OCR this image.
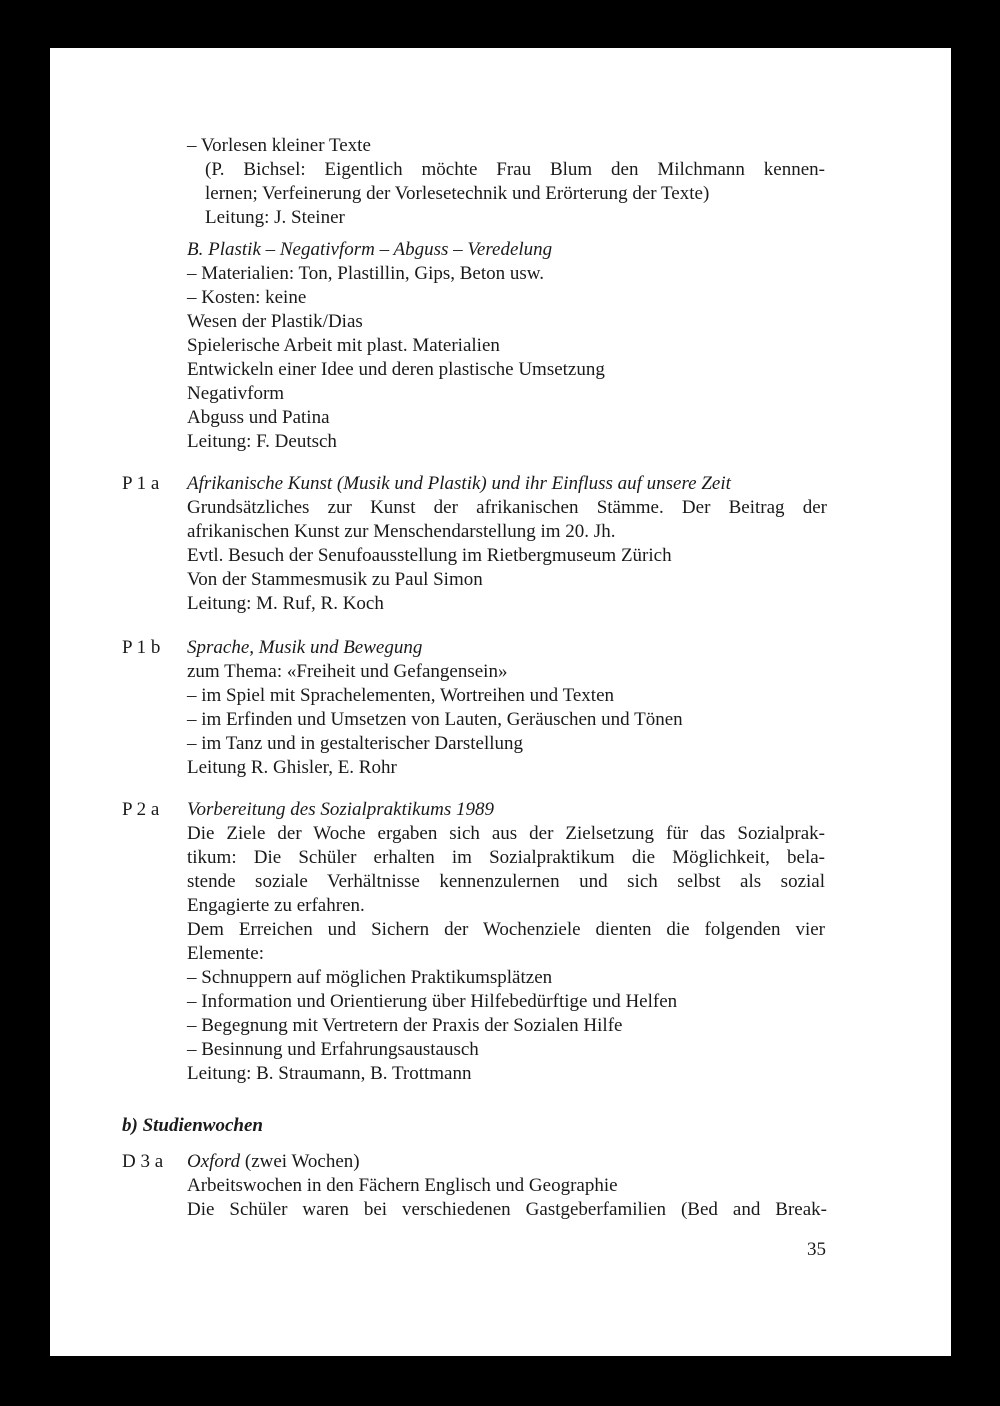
– Vorlesen kleiner Texte
(P. Bichsel: Eigentlich möchte Frau Blum den Milchmann kennen-
lernen; Verfeinerung der Vorlesetechnik und Erörterung der Texte)
Leitung: J. Steiner
B. Plastik – Negativform – Abguss – Veredelung
– Materialien: Ton, Plastillin, Gips, Beton usw.
– Kosten: keine
Wesen der Plastik/Dias
Spielerische Arbeit mit plast. Materialien
Entwickeln einer Idee und deren plastische Umsetzung
Negativform
Abguss und Patina
Leitung: F. Deutsch
P 1 a Afrikanische Kunst (Musik und Plastik) und ihr Einfluss auf unsere Zeit
Grundsätzliches zur Kunst der afrikanischen Stämme. Der Beitrag der
afrikanischen Kunst zur Menschendarstellung im 20. Jh.
Evtl. Besuch der Senufoausstellung im Rietbergmuseum Zürich
Von der Stammesmusik zu Paul Simon
Leitung: M. Ruf, R. Koch
P 1 b Sprache, Musik und Bewegung
zum Thema: «Freiheit und Gefangensein»
– im Spiel mit Sprachelementen, Wortreihen und Texten
– im Erfinden und Umsetzen von Lauten, Geräuschen und Tönen
– im Tanz und in gestalterischer Darstellung
Leitung R. Ghisler, E. Rohr
P 2 a Vorbereitung des Sozialpraktikums 1989
Die Ziele der Woche ergaben sich aus der Zielsetzung für das Sozialprak-
tikum: Die Schüler erhalten im Sozialpraktikum die Möglichkeit, bela-
stende soziale Verhältnisse kennenzulernen und sich selbst als sozial
Engagierte zu erfahren.
Dem Erreichen und Sichern der Wochenziele dienten die folgenden vier
Elemente:
– Schnuppern auf möglichen Praktikumsplätzen
– Information und Orientierung über Hilfebedürftige und Helfen
– Begegnung mit Vertretern der Praxis der Sozialen Hilfe
– Besinnung und Erfahrungsaustausch
Leitung: B. Straumann, B. Trottmann
b) Studienwochen
D 3 a Oxford (zwei Wochen)
Arbeitswochen in den Fächern Englisch und Geographie
Die Schüler waren bei verschiedenen Gastgeberfamilien (Bed and Break-
35
